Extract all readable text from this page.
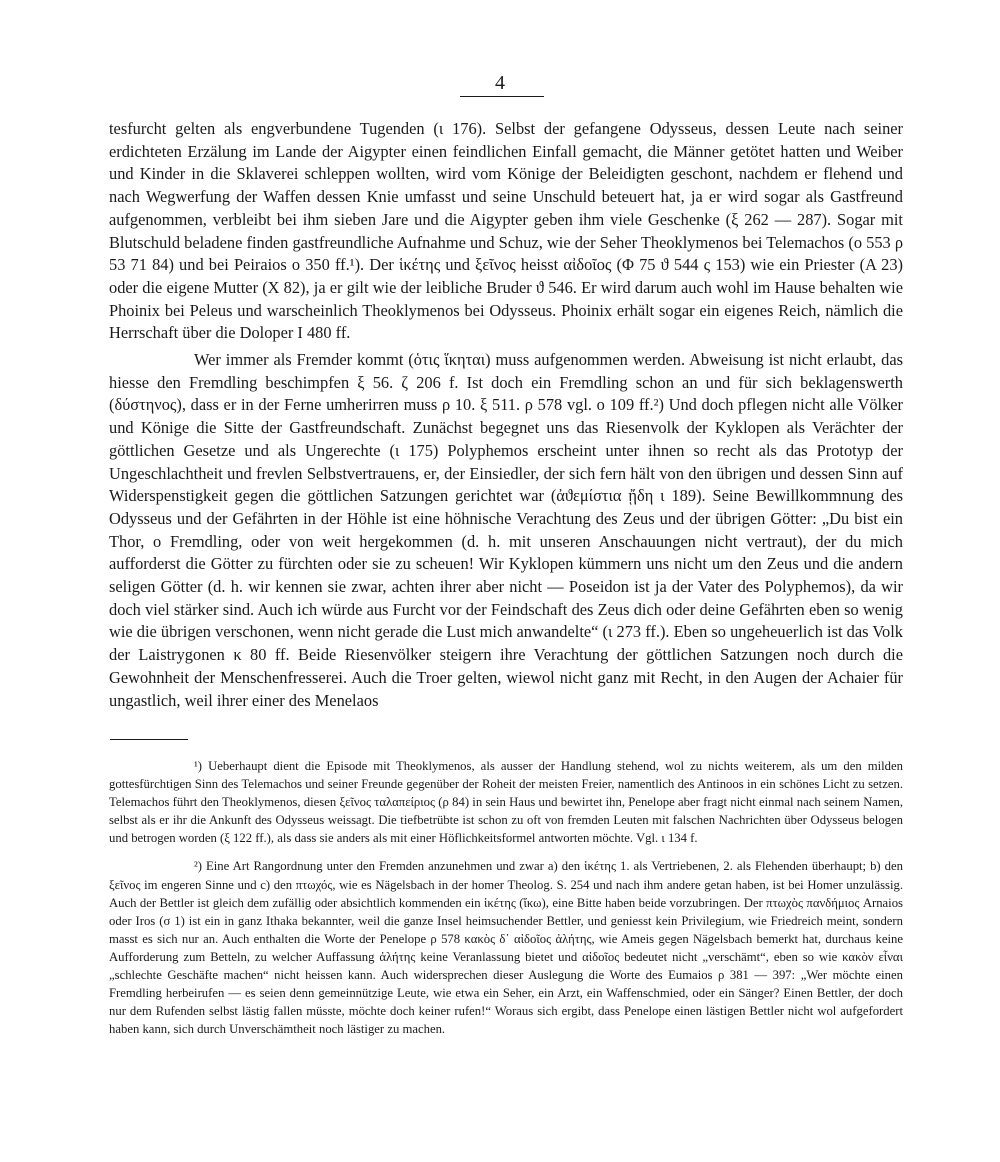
4

tesfurcht gelten als engverbundene Tugenden (ι 176). Selbst der gefangene Odysseus, dessen Leute nach seiner erdichteten Erzälung im Lande der Aigypter einen feindlichen Einfall gemacht, die Männer getötet hatten und Weiber und Kinder in die Sklaverei schleppen wollten, wird vom Könige der Beleidigten geschont, nachdem er flehend und nach Wegwerfung der Waffen dessen Knie umfasst und seine Unschuld beteuert hat, ja er wird sogar als Gastfreund aufgenommen, verbleibt bei ihm sieben Jare und die Aigypter geben ihm viele Geschenke (ξ 262 — 287). Sogar mit Blutschuld beladene finden gastfreundliche Aufnahme und Schuz, wie der Seher Theoklymenos bei Telemachos (ο 553 ρ 53 71 84) und bei Peiraios ο 350 ff.¹). Der ἱκέτης und ξεῖνος heisst αἰδοῖος (Φ 75 ϑ 544 ς 153) wie ein Priester (Α 23) oder die eigene Mutter (Χ 82), ja er gilt wie der leibliche Bruder ϑ 546. Er wird darum auch wohl im Hause behalten wie Phoinix bei Peleus und warscheinlich Theoklymenos bei Odysseus. Phoinix erhält sogar ein eigenes Reich, nämlich die Herrschaft über die Doloper Ι 480 ff.

Wer immer als Fremder kommt (ὁτις ἵκηται) muss aufgenommen werden. Abweisung ist nicht erlaubt, das hiesse den Fremdling beschimpfen ξ 56. ζ 206 f. Ist doch ein Fremdling schon an und für sich beklagenswerth (δύστηνος), dass er in der Ferne umherirren muss ρ 10. ξ 511. ρ 578 vgl. ο 109 ff.²) Und doch pflegen nicht alle Völker und Könige die Sitte der Gastfreundschaft. Zunächst begegnet uns das Riesenvolk der Kyklopen als Verächter der göttlichen Gesetze und als Ungerechte (ι 175) Polyphemos erscheint unter ihnen so recht als das Prototyp der Ungeschlachtheit und frevlen Selbstvertrauens, er, der Einsiedler, der sich fern hält von den übrigen und dessen Sinn auf Widerspenstigkeit gegen die göttlichen Satzungen gerichtet war (ἀϑεμίστια ᾔδη ι 189). Seine Bewillkommnung des Odysseus und der Gefährten in der Höhle ist eine höhnische Verachtung des Zeus und der übrigen Götter: „Du bist ein Thor, o Fremdling, oder von weit hergekommen (d. h. mit unseren Anschauungen nicht vertraut), der du mich aufforderst die Götter zu fürchten oder sie zu scheuen! Wir Kyklopen kümmern uns nicht um den Zeus und die andern seligen Götter (d. h. wir kennen sie zwar, achten ihrer aber nicht — Poseidon ist ja der Vater des Polyphemos), da wir doch viel stärker sind. Auch ich würde aus Furcht vor der Feindschaft des Zeus dich oder deine Gefährten eben so wenig wie die übrigen verschonen, wenn nicht gerade die Lust mich anwandelte“ (ι 273 ff.). Eben so ungeheuerlich ist das Volk der Laistrygonen κ 80 ff. Beide Riesenvölker steigern ihre Verachtung der göttlichen Satzungen noch durch die Gewohnheit der Menschenfresserei. Auch die Troer gelten, wiewol nicht ganz mit Recht, in den Augen der Achaier für ungastlich, weil ihrer einer des Menelaos

¹) Ueberhaupt dient die Episode mit Theoklymenos, als ausser der Handlung stehend, wol zu nichts weiterem, als um den milden gottesfürchtigen Sinn des Telemachos und seiner Freunde gegenüber der Roheit der meisten Freier, namentlich des Antinoos in ein schönes Licht zu setzen. Telemachos führt den Theoklymenos, diesen ξεῖνος ταλαπείριος (ρ 84) in sein Haus und bewirtet ihn, Penelope aber fragt nicht einmal nach seinem Namen, selbst als er ihr die Ankunft des Odysseus weissagt. Die tiefbetrübte ist schon zu oft von fremden Leuten mit falschen Nachrichten über Odysseus belogen und betrogen worden (ξ 122 ff.), als dass sie anders als mit einer Höflichkeitsformel antworten möchte. Vgl. ι 134 f.

²) Eine Art Rangordnung unter den Fremden anzunehmen und zwar a) den ἱκέτης 1. als Vertriebenen, 2. als Flehenden überhaupt; b) den ξεῖνος im engeren Sinne und c) den πτωχός, wie es Nägelsbach in der homer Theolog. S. 254 und nach ihm andere getan haben, ist bei Homer unzulässig. Auch der Bettler ist gleich dem zufällig oder absichtlich kommenden ein ἱκέτης (ἵκω), eine Bitte haben beide vorzubringen. Der πτωχὸς πανδήμιος Arnaios oder Iros (σ 1) ist ein in ganz Ithaka bekannter, weil die ganze Insel heimsuchender Bettler, und geniesst kein Privilegium, wie Friedreich meint, sondern masst es sich nur an. Auch enthalten die Worte der Penelope ρ 578 κακὸς δ᾽ αἰδοῖος ἀλήτης, wie Ameis gegen Nägelsbach bemerkt hat, durchaus keine Aufforderung zum Betteln, zu welcher Auffassung ἀλήτης keine Veranlassung bietet und αἰδοῖος bedeutet nicht „verschämt“, eben so wie κακὸν εἶναι „schlechte Geschäfte machen“ nicht heissen kann. Auch widersprechen dieser Auslegung die Worte des Eumaios ρ 381 — 397: „Wer möchte einen Fremdling herbeirufen — es seien denn gemeinnützige Leute, wie etwa ein Seher, ein Arzt, ein Waffenschmied, oder ein Sänger? Einen Bettler, der doch nur dem Rufenden selbst lästig fallen müsste, möchte doch keiner rufen!“ Woraus sich ergibt, dass Penelope einen lästigen Bettler nicht wol aufgefordert haben kann, sich durch Unverschämtheit noch lästiger zu machen.
